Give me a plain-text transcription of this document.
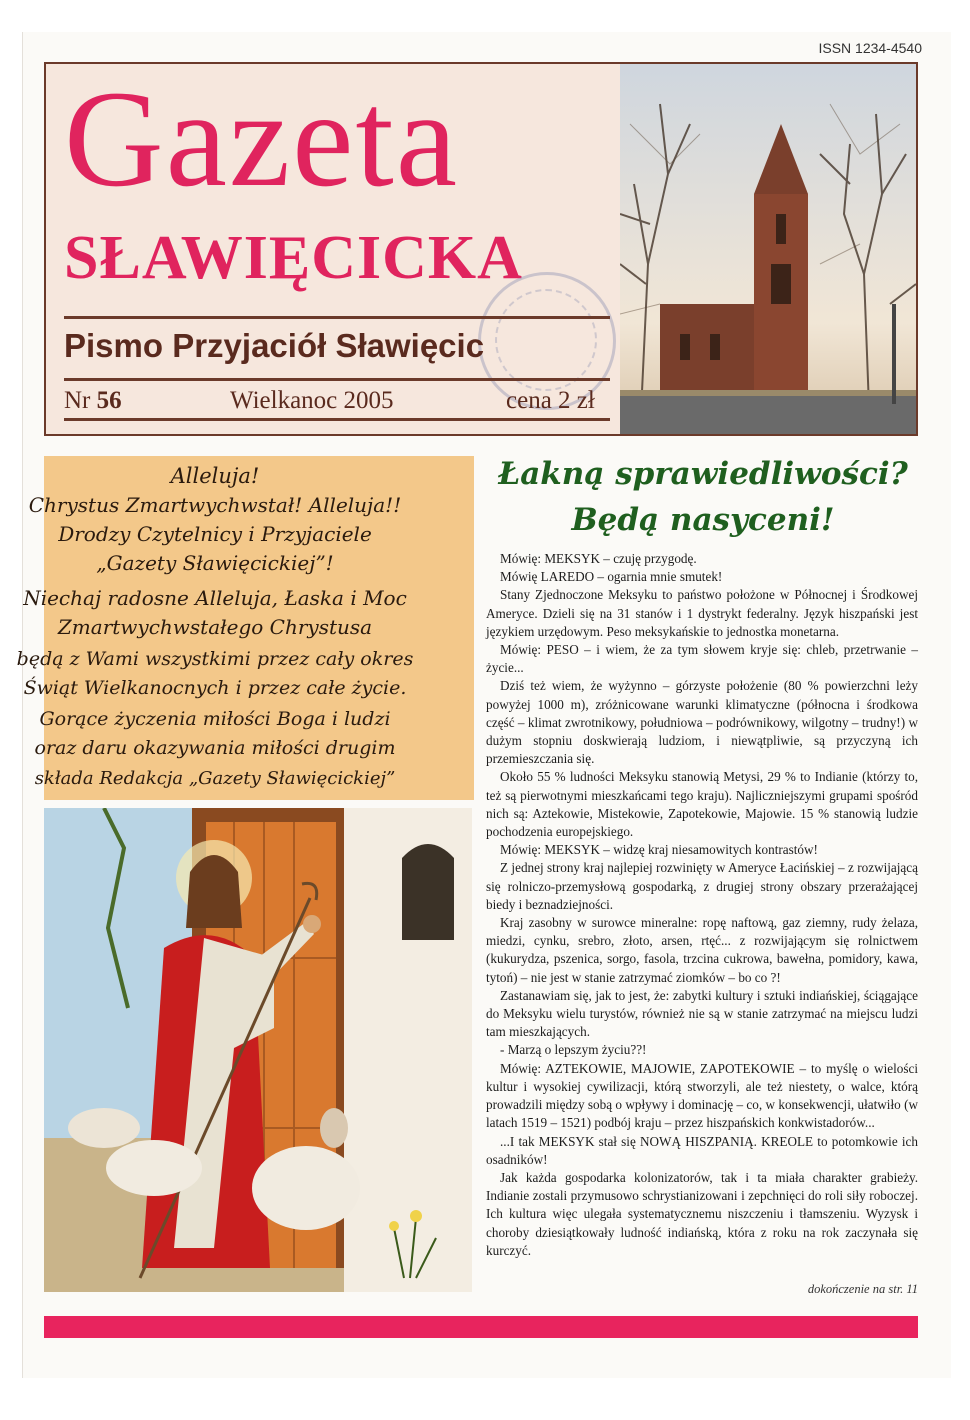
ISSN 1234-4540
Gazeta
SŁAWIĘCICKA
Pismo Przyjaciół Sławięcic
Nr 56	Wielkanoc 2005	cena 2 zł
Alleluja!
Chrystus Zmartwychwstał! Alleluja!!
Drodzy Czytelnicy i Przyjaciele
„Gazety Sławięcickiej”!
Niechaj radosne Alleluja, Łaska i Moc
Zmartwychwstałego Chrystusa
będą z Wami wszystkimi przez cały okres
Świąt Wielkanocnych i przez całe życie.
Gorące życzenia miłości Boga i ludzi
oraz daru okazywania miłości drugim
składa Redakcja „Gazety Sławięcickiej”
Łakną sprawiedliwości?
Będą nasyceni!

Mówię: MEKSYK – czuję przygodę.

Mówię LAREDO – ogarnia mnie smutek!

Stany Zjednoczone Meksyku to państwo położone w Północnej i Środkowej Ameryce. Dzieli się na 31 stanów i 1 dystrykt federalny. Język hiszpański jest językiem urzędowym. Peso meksykańskie to jednostka monetarna.

Mówię: PESO – i wiem, że za tym słowem kryje się: chleb, przetrwanie – życie...

Dziś też wiem, że wyżynno – górzyste położenie (80 % powierzchni leży powyżej 1000 m), zróżnicowane warunki klimatyczne (północna i środkowa część – klimat zwrotnikowy, południowa – podrównikowy, wilgotny – trudny!) w dużym stopniu doskwierają ludziom, i niewątpliwie, są przyczyną ich przemieszczania się.

Około 55 % ludności Meksyku stanowią Metysi, 29 % to Indianie (którzy to, też są pierwotnymi mieszkańcami tego kraju). Najliczniejszymi grupami spośród nich są: Aztekowie, Mistekowie, Zapotekowie, Majowie. 15 % stanowią ludzie pochodzenia europejskiego.

Mówię: MEKSYK – widzę kraj niesamowitych kontrastów!

Z jednej strony kraj najlepiej rozwinięty w Ameryce Łacińskiej – z rozwijającą się rolniczo-przemysłową gospodarką, z drugiej strony obszary przerażającej biedy i beznadziejności.

Kraj zasobny w surowce mineralne: ropę naftową, gaz ziemny, rudy żelaza, miedzi, cynku, srebro, złoto, arsen, rtęć... z rozwijającym się rolnictwem (kukurydza, pszenica, sorgo, fasola, trzcina cukrowa, bawełna, pomidory, kawa, tytoń) – nie jest w stanie zatrzymać ziomków – bo co ?!

Zastanawiam się, jak to jest, że: zabytki kultury i sztuki indiańskiej, ściągające do Meksyku wielu turystów, również nie są w stanie zatrzymać na miejscu ludzi tam mieszkających.

- Marzą o lepszym życiu??!

Mówię: AZTEKOWIE, MAJOWIE, ZAPOTEKOWIE – to myślę o wielości kultur i wysokiej cywilizacji, którą stworzyli, ale też niestety, o walce, którą prowadzili między sobą o wpływy i dominację – co, w konsekwencji, ułatwiło (w latach 1519 – 1521) podbój kraju – przez hiszpańskich konkwistadorów...

...I tak MEKSYK stał się NOWĄ HISZPANIĄ. KREOLE to potomkowie ich osadników!

Jak każda gospodarka kolonizatorów, tak i ta miała charakter grabieży. Indianie zostali przymusowo schrystianizowani i zepchnięci do roli siły roboczej. Ich kultura więc ulegała systematycznemu niszczeniu i tłamszeniu. Wyzysk i choroby dziesiątkowały ludność indiańską, która z roku na rok zaczynała się kurczyć.

dokończenie na str. 11
